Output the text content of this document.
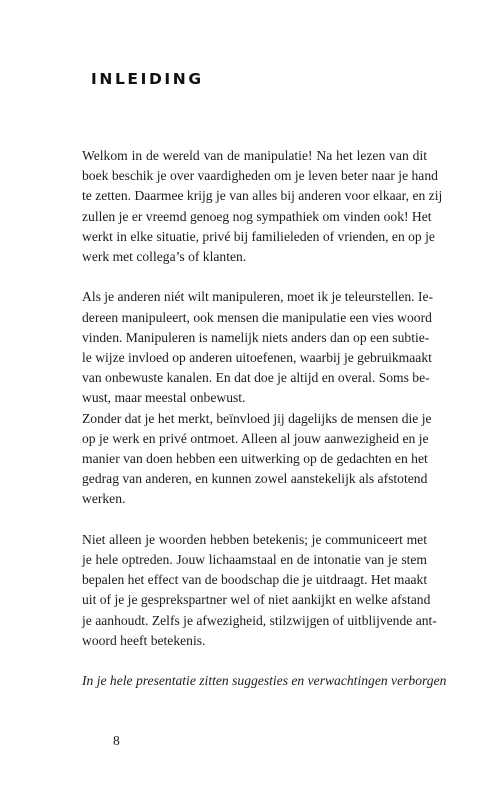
INLEIDING
Welkom in de wereld van de manipulatie! Na het lezen van dit
boek beschik je over vaardigheden om je leven beter naar je hand
te zetten. Daarmee krijg je van alles bij anderen voor elkaar, en zij
zullen je er vreemd genoeg nog sympathiek om vinden ook! Het
werkt in elke situatie, privé bij familieleden of vrienden, en op je
werk met collega’s of klanten.
Als je anderen niét wilt manipuleren, moet ik je teleurstellen. Ie-
dereen manipuleert, ook mensen die manipulatie een vies woord
vinden. Manipuleren is namelijk niets anders dan op een subtie-
le wijze invloed op anderen uitoefenen, waarbij je gebruikmaakt
van onbewuste kanalen. En dat doe je altijd en overal. Soms be-
wust, maar meestal onbewust.
Zonder dat je het merkt, beïnvloed jij dagelijks de mensen die je
op je werk en privé ontmoet. Alleen al jouw aanwezigheid en je
manier van doen hebben een uitwerking op de gedachten en het
gedrag van anderen, en kunnen zowel aanstekelijk als afstotend
werken.
Niet alleen je woorden hebben betekenis; je communiceert met
je hele optreden. Jouw lichaamstaal en de intonatie van je stem
bepalen het effect van de boodschap die je uitdraagt. Het maakt
uit of je je gesprekspartner wel of niet aankijkt en welke afstand
je aanhoudt. Zelfs je afwezigheid, stilzwijgen of uitblijvende ant-
woord heeft betekenis.
In je hele presentatie zitten suggesties en verwachtingen verborgen
8
